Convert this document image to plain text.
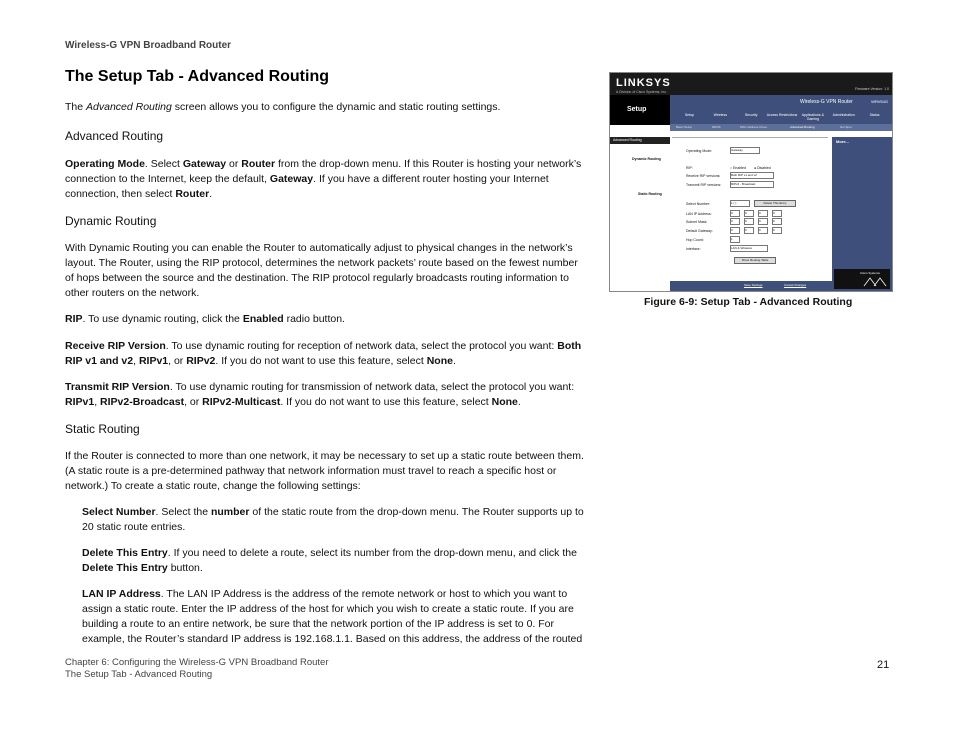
Wireless-G VPN Broadband Router
The Setup Tab - Advanced Routing

The Advanced Routing screen allows you to configure the dynamic and static routing settings.

Advanced Routing

Operating Mode. Select Gateway or Router from the drop-down menu. If this Router is hosting your network’s connection to the Internet, keep the default, Gateway. If you have a different router hosting your Internet connection, then select Router.

Dynamic Routing

With Dynamic Routing you can enable the Router to automatically adjust to physical changes in the network’s layout. The Router, using the RIP protocol, determines the network packets’ route based on the fewest number of hops between the source and the destination. The RIP protocol regularly broadcasts routing information to other routers on the network.

RIP. To use dynamic routing, click the Enabled radio button.

Receive RIP Version. To use dynamic routing for reception of network data, select the protocol you want: Both RIP v1 and v2, RIPv1, or RIPv2. If you do not want to use this feature, select None.

Transmit RIP Version. To use dynamic routing for transmission of network data, select the protocol you want: RIPv1, RIPv2-Broadcast, or RIPv2-Multicast. If you do not want to use this feature, select None.

Static Routing

If the Router is connected to more than one network, it may be necessary to set up a static route between them. (A static route is a pre-determined pathway that network information must travel to reach a specific host or network.) To create a static route, change the following settings:

Select Number. Select the number of the static route from the drop-down menu. The Router supports up to 20 static route entries.

Delete This Entry. If you need to delete a route, select its number from the drop-down menu, and click the Delete This Entry button.

LAN IP Address. The LAN IP Address is the address of the remote network or host to which you want to assign a static route. Enter the IP address of the host for which you wish to create a static route. If you are building a route to an entire network, be sure that the network portion of the IP address is set to 0. For example, the Router’s standard IP address is 192.168.1.1. Based on this address, the address of the routed

LINKSYS
A Division of Cisco Systems, Inc.
Firmware Version: 1.0
Setup
Wireless-G VPN Router	WRV54G
Setup	Wireless	Security	Access Restrictions	Applications & Gaming
Administration	Status
Basic Setup	DDNS	MAC Address Clone	Advanced Routing	Hot Spot
Advanced Routing
Dynamic Routing
Static Routing
Operating Mode:	Gateway
RIP:	○ Enabled ● Disabled
Receive RIP versions:	Both RIP v1 and v2
Transmit RIP versions:	RIPv2 - Broadcast
Select Number:	1 ( )	Delete This Entry
LAN IP Address:	0	0	0	0
Subnet Mask:	0	0	0	0
Default Gateway:	0	0	0	0
Hop Count:	1
Interface:	LAN & Wireless
Show Routing Table
More...
Save Settings	Cancel Changes
Cisco Systems
Figure 6-9: Setup Tab - Advanced Routing
Chapter 6: Configuring the Wireless-G VPN Broadband Router
The Setup Tab - Advanced Routing
21
